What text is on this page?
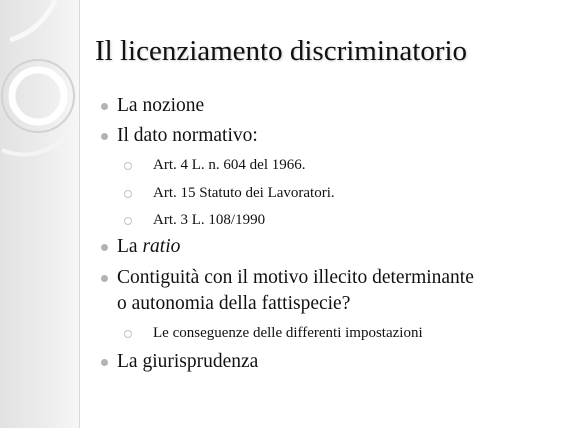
Il licenziamento discriminatorio
La nozione
Il dato normativo:
Art. 4 L. n. 604 del 1966.
Art. 15 Statuto dei Lavoratori.
Art. 3 L. 108/1990
La ratio
Contiguità con il motivo illecito determinante
o autonomia della fattispecie?
Le conseguenze delle differenti impostazioni
La giurisprudenza
